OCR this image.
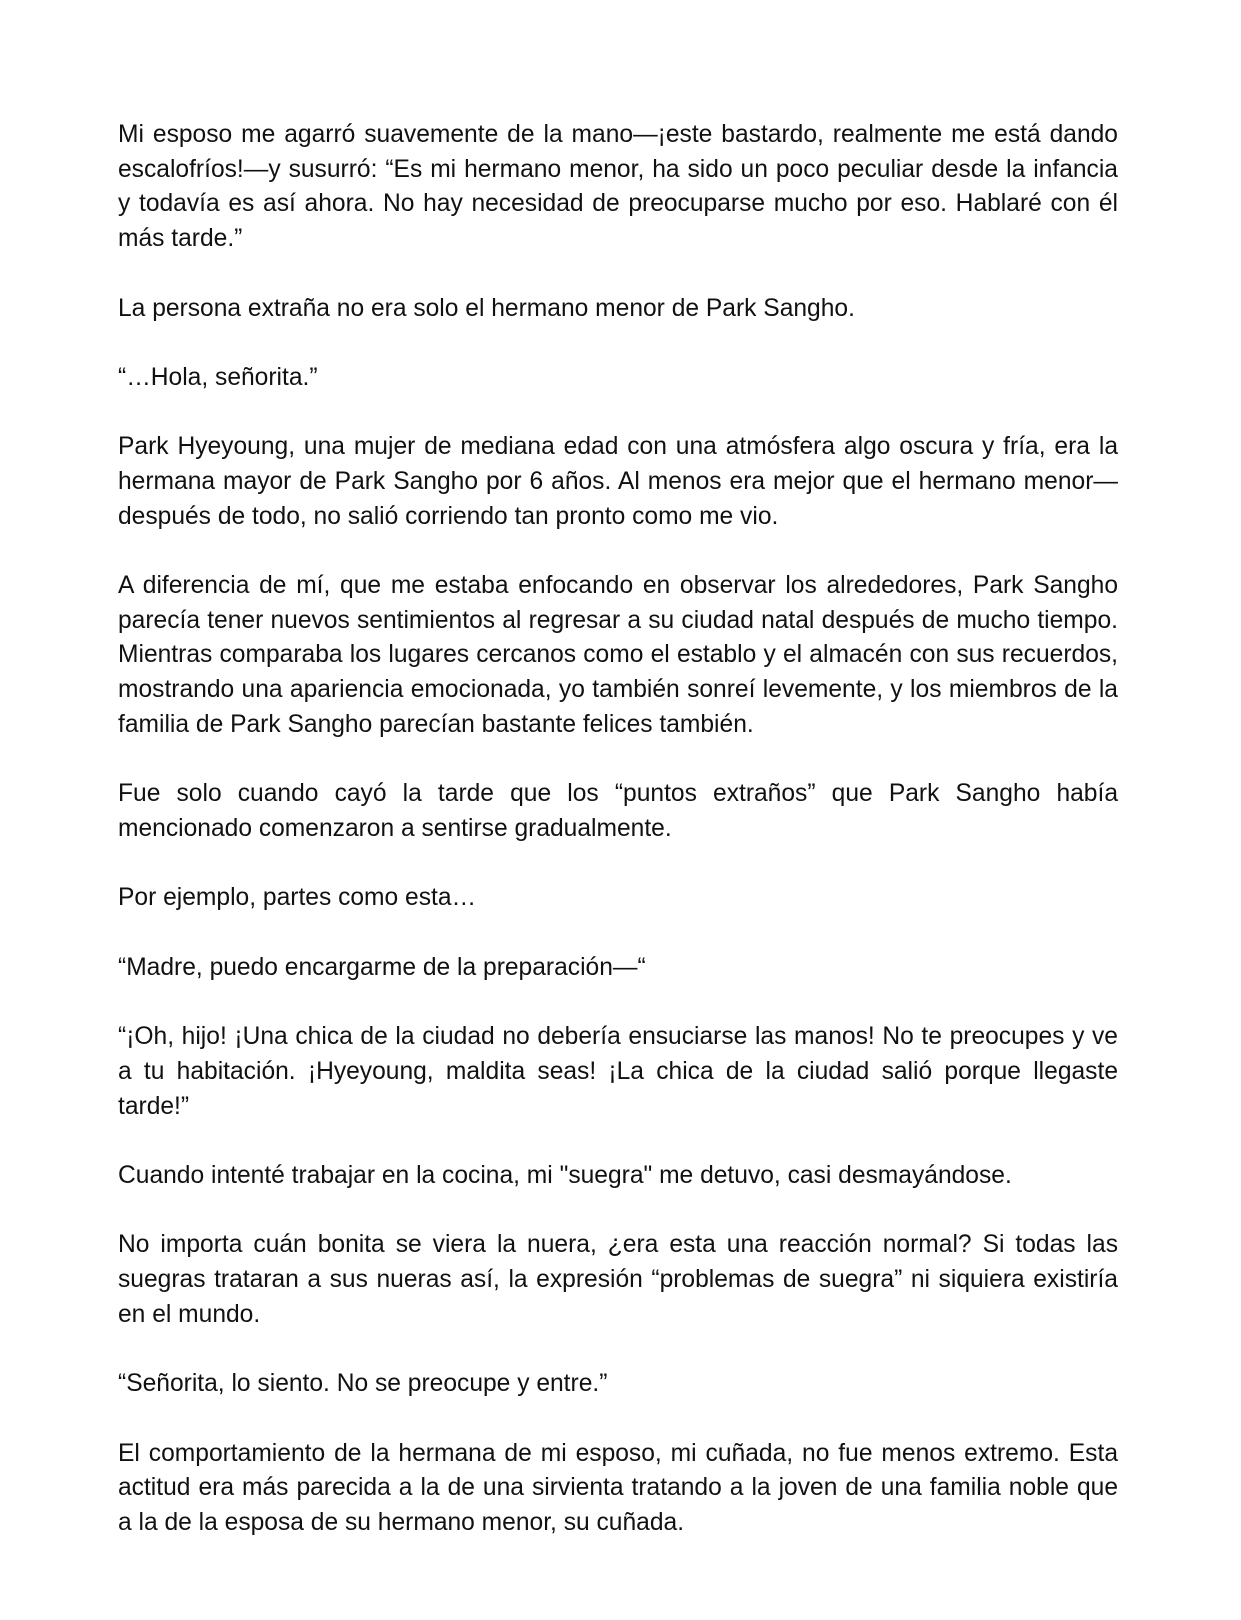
Mi esposo me agarró suavemente de la mano—¡este bastardo, realmente me está dando escalofríos!—y susurró: “Es mi hermano menor, ha sido un poco peculiar desde la infancia y todavía es así ahora. No hay necesidad de preocuparse mucho por eso. Hablaré con él más tarde.”

La persona extraña no era solo el hermano menor de Park Sangho.

“…Hola, señorita.”

Park Hyeyoung, una mujer de mediana edad con una atmósfera algo oscura y fría, era la hermana mayor de Park Sangho por 6 años. Al menos era mejor que el hermano menor—después de todo, no salió corriendo tan pronto como me vio.

A diferencia de mí, que me estaba enfocando en observar los alrededores, Park Sangho parecía tener nuevos sentimientos al regresar a su ciudad natal después de mucho tiempo. Mientras comparaba los lugares cercanos como el establo y el almacén con sus recuerdos, mostrando una apariencia emocionada, yo también sonreí levemente, y los miembros de la familia de Park Sangho parecían bastante felices también.

Fue solo cuando cayó la tarde que los “puntos extraños” que Park Sangho había mencionado comenzaron a sentirse gradualmente.

Por ejemplo, partes como esta…

“Madre, puedo encargarme de la preparación—“

“¡Oh, hijo! ¡Una chica de la ciudad no debería ensuciarse las manos! No te preocupes y ve a tu habitación. ¡Hyeyoung, maldita seas! ¡La chica de la ciudad salió porque llegaste tarde!”

Cuando intenté trabajar en la cocina, mi "suegra" me detuvo, casi desmayándose.

No importa cuán bonita se viera la nuera, ¿era esta una reacción normal? Si todas las suegras trataran a sus nueras así, la expresión “problemas de suegra” ni siquiera existiría en el mundo.

“Señorita, lo siento. No se preocupe y entre.”

El comportamiento de la hermana de mi esposo, mi cuñada, no fue menos extremo. Esta actitud era más parecida a la de una sirvienta tratando a la joven de una familia noble que a la de la esposa de su hermano menor, su cuñada.
